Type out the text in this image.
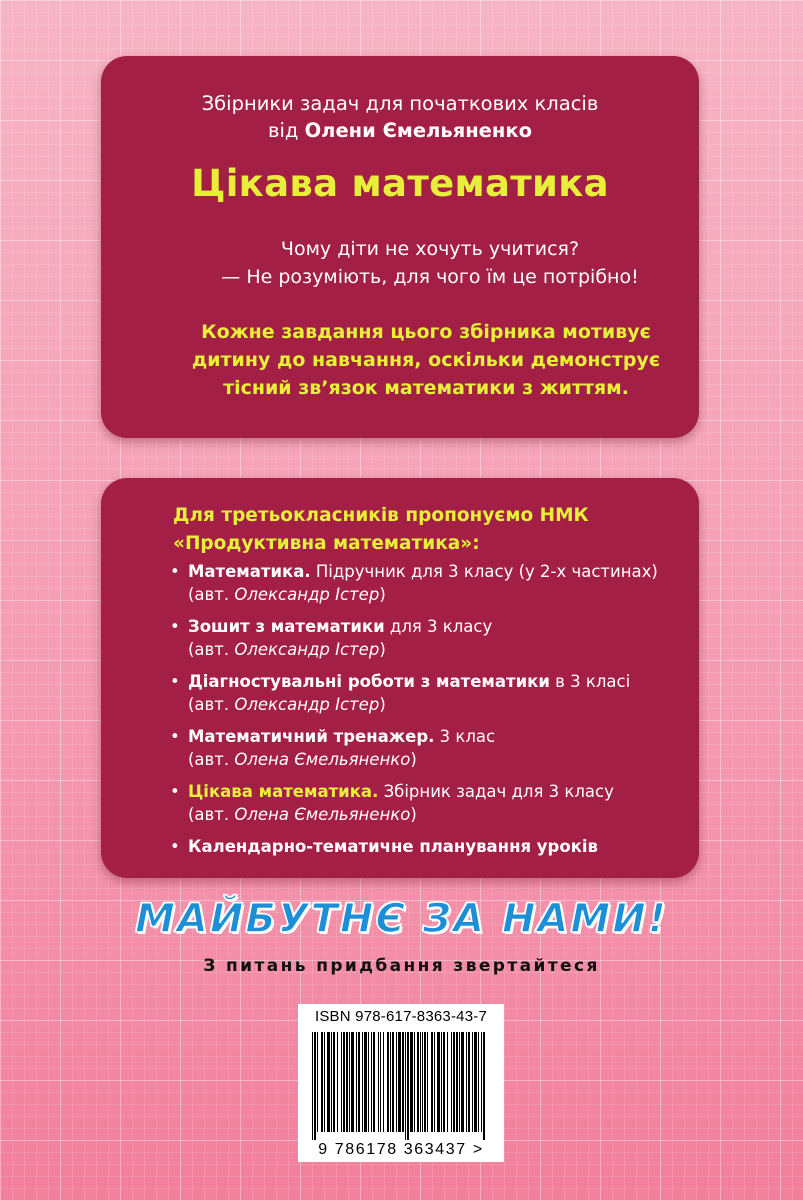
Збірники задач для початкових класів
від Олени Ємельяненко
Цікава математика
Чому діти не хочуть учитися?
— Не розуміють, для чого їм це потрібно!
Кожне завдання цього збірника мотивує
дитину до навчання, оскільки демонструє
тісний зв’язок математики з життям.
Для третьокласників пропонуємо НМК
«Продуктивна математика»:
• Математика. Підручник для 3 класу (у 2-х частинах)
(авт. Олександр Істер)
• Зошит з математики для 3 класу
(авт. Олександр Істер)
• Діагностувальні роботи з математики в 3 класі
(авт. Олександр Істер)
• Математичний тренажер. 3 клас
(авт. Олена Ємельяненко)
• Цікава математика. Збірник задач для 3 класу
(авт. Олена Ємельяненко)
• Календарно-тематичне планування уроків
МАЙБУТНЄ ЗА НАМИ!
З питань придбання звертайтеся
ISBN 978-617-8363-43-7
9 786178 363437 >
